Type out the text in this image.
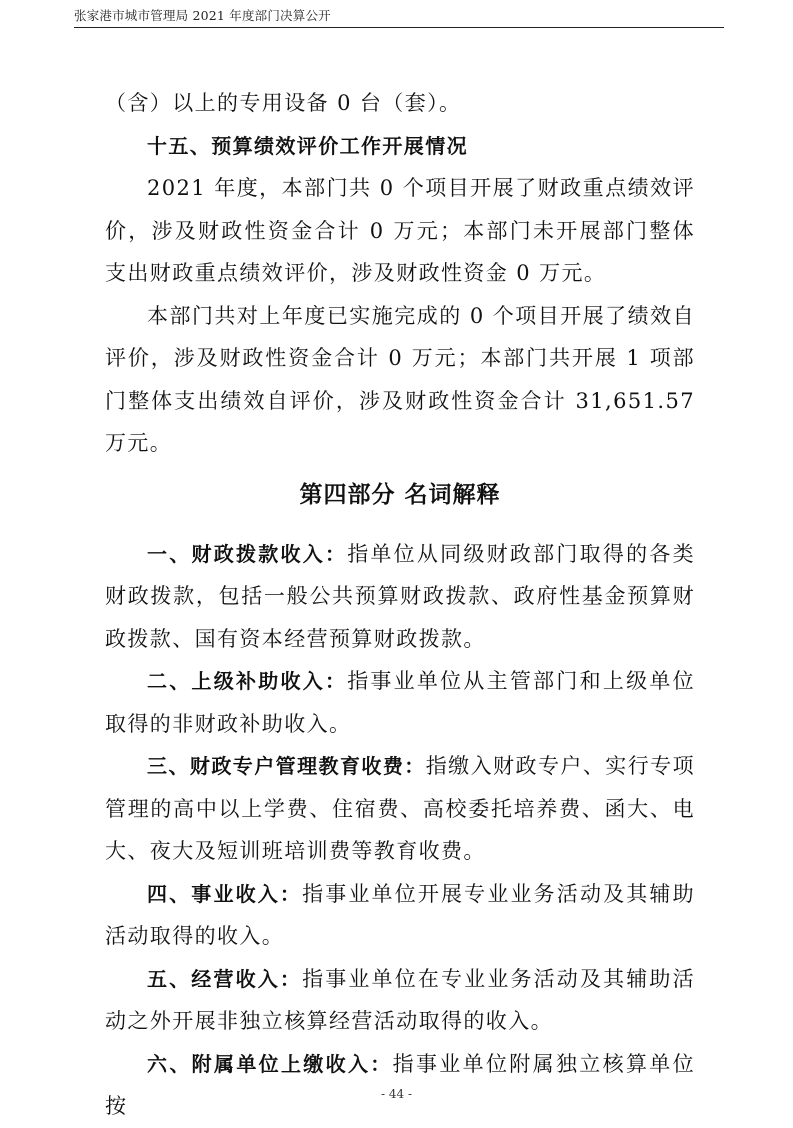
张家港市城市管理局 2021 年度部门决算公开

（含）以上的专用设备 0 台（套）。

十五、预算绩效评价工作开展情况

2021 年度，本部门共 0 个项目开展了财政重点绩效评价，涉及财政性资金合计 0 万元；本部门未开展部门整体支出财政重点绩效评价，涉及财政性资金 0 万元。

本部门共对上年度已实施完成的 0 个项目开展了绩效自评价，涉及财政性资金合计 0 万元；本部门共开展 1 项部门整体支出绩效自评价，涉及财政性资金合计 31,651.57 万元。

第四部分 名词解释

一、财政拨款收入：指单位从同级财政部门取得的各类财政拨款，包括一般公共预算财政拨款、政府性基金预算财政拨款、国有资本经营预算财政拨款。

二、上级补助收入：指事业单位从主管部门和上级单位取得的非财政补助收入。

三、财政专户管理教育收费：指缴入财政专户、实行专项管理的高中以上学费、住宿费、高校委托培养费、函大、电大、夜大及短训班培训费等教育收费。

四、事业收入：指事业单位开展专业业务活动及其辅助活动取得的收入。

五、经营收入：指事业单位在专业业务活动及其辅助活动之外开展非独立核算经营活动取得的收入。

六、附属单位上缴收入：指事业单位附属独立核算单位按	- 44 -
